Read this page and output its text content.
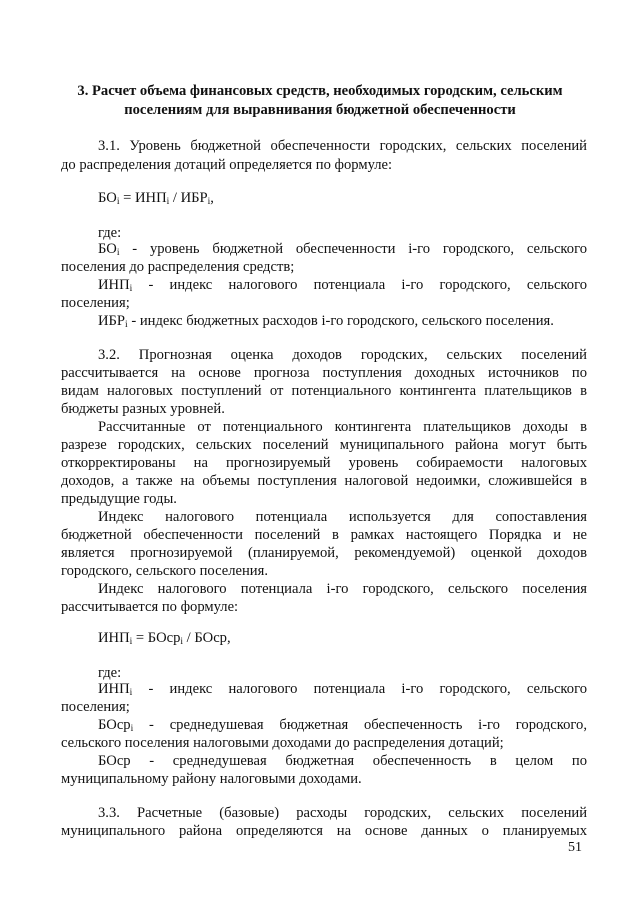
3. Расчет объема финансовых средств, необходимых городским, сельским
поселениям для выравнивания бюджетной обеспеченности
3.1. Уровень бюджетной обеспеченности городских, сельских поселений
до распределения дотаций определяется по формуле:
$БО_i = ИНП_i / ИБР_i$,
где:
$БО_i$ - уровень бюджетной обеспеченности i-го городского, сельского
поселения до распределения средств;
$ИНП_i$ - индекс налогового потенциала i-го городского, сельского
поселения;
$ИБР_i$ - индекс бюджетных расходов i-го городского, сельского поселения.
3.2. Прогнозная оценка доходов городских, сельских поселений
рассчитывается на основе прогноза поступления доходных источников по
видам налоговых поступлений от потенциального контингента плательщиков в
бюджеты разных уровней.
Рассчитанные от потенциального контингента плательщиков доходы в
разрезе городских, сельских поселений муниципального района могут быть
откорректированы на прогнозируемый уровень собираемости налоговых
доходов, а также на объемы поступления налоговой недоимки, сложившейся в
предыдущие годы.
Индекс налогового потенциала используется для сопоставления
бюджетной обеспеченности поселений в рамках настоящего Порядка и не
является прогнозируемой (планируемой, рекомендуемой) оценкой доходов
городского, сельского поселения.
Индекс налогового потенциала i-го городского, сельского поселения
рассчитывается по формуле:
$ИНП_i$ = БОср$_i$ / БОср,
где:
$ИНП_i$ - индекс налогового потенциала i-го городского, сельского
поселения;
БОср$_i$ - среднедушевая бюджетная обеспеченность i-го городского,
сельского поселения налоговыми доходами до распределения дотаций;
БОср - среднедушевая бюджетная обеспеченность в целом по
муниципальному району налоговыми доходами.
3.3. Расчетные (базовые) расходы городских, сельских поселений
муниципального района определяются на основе данных о планируемых
51
